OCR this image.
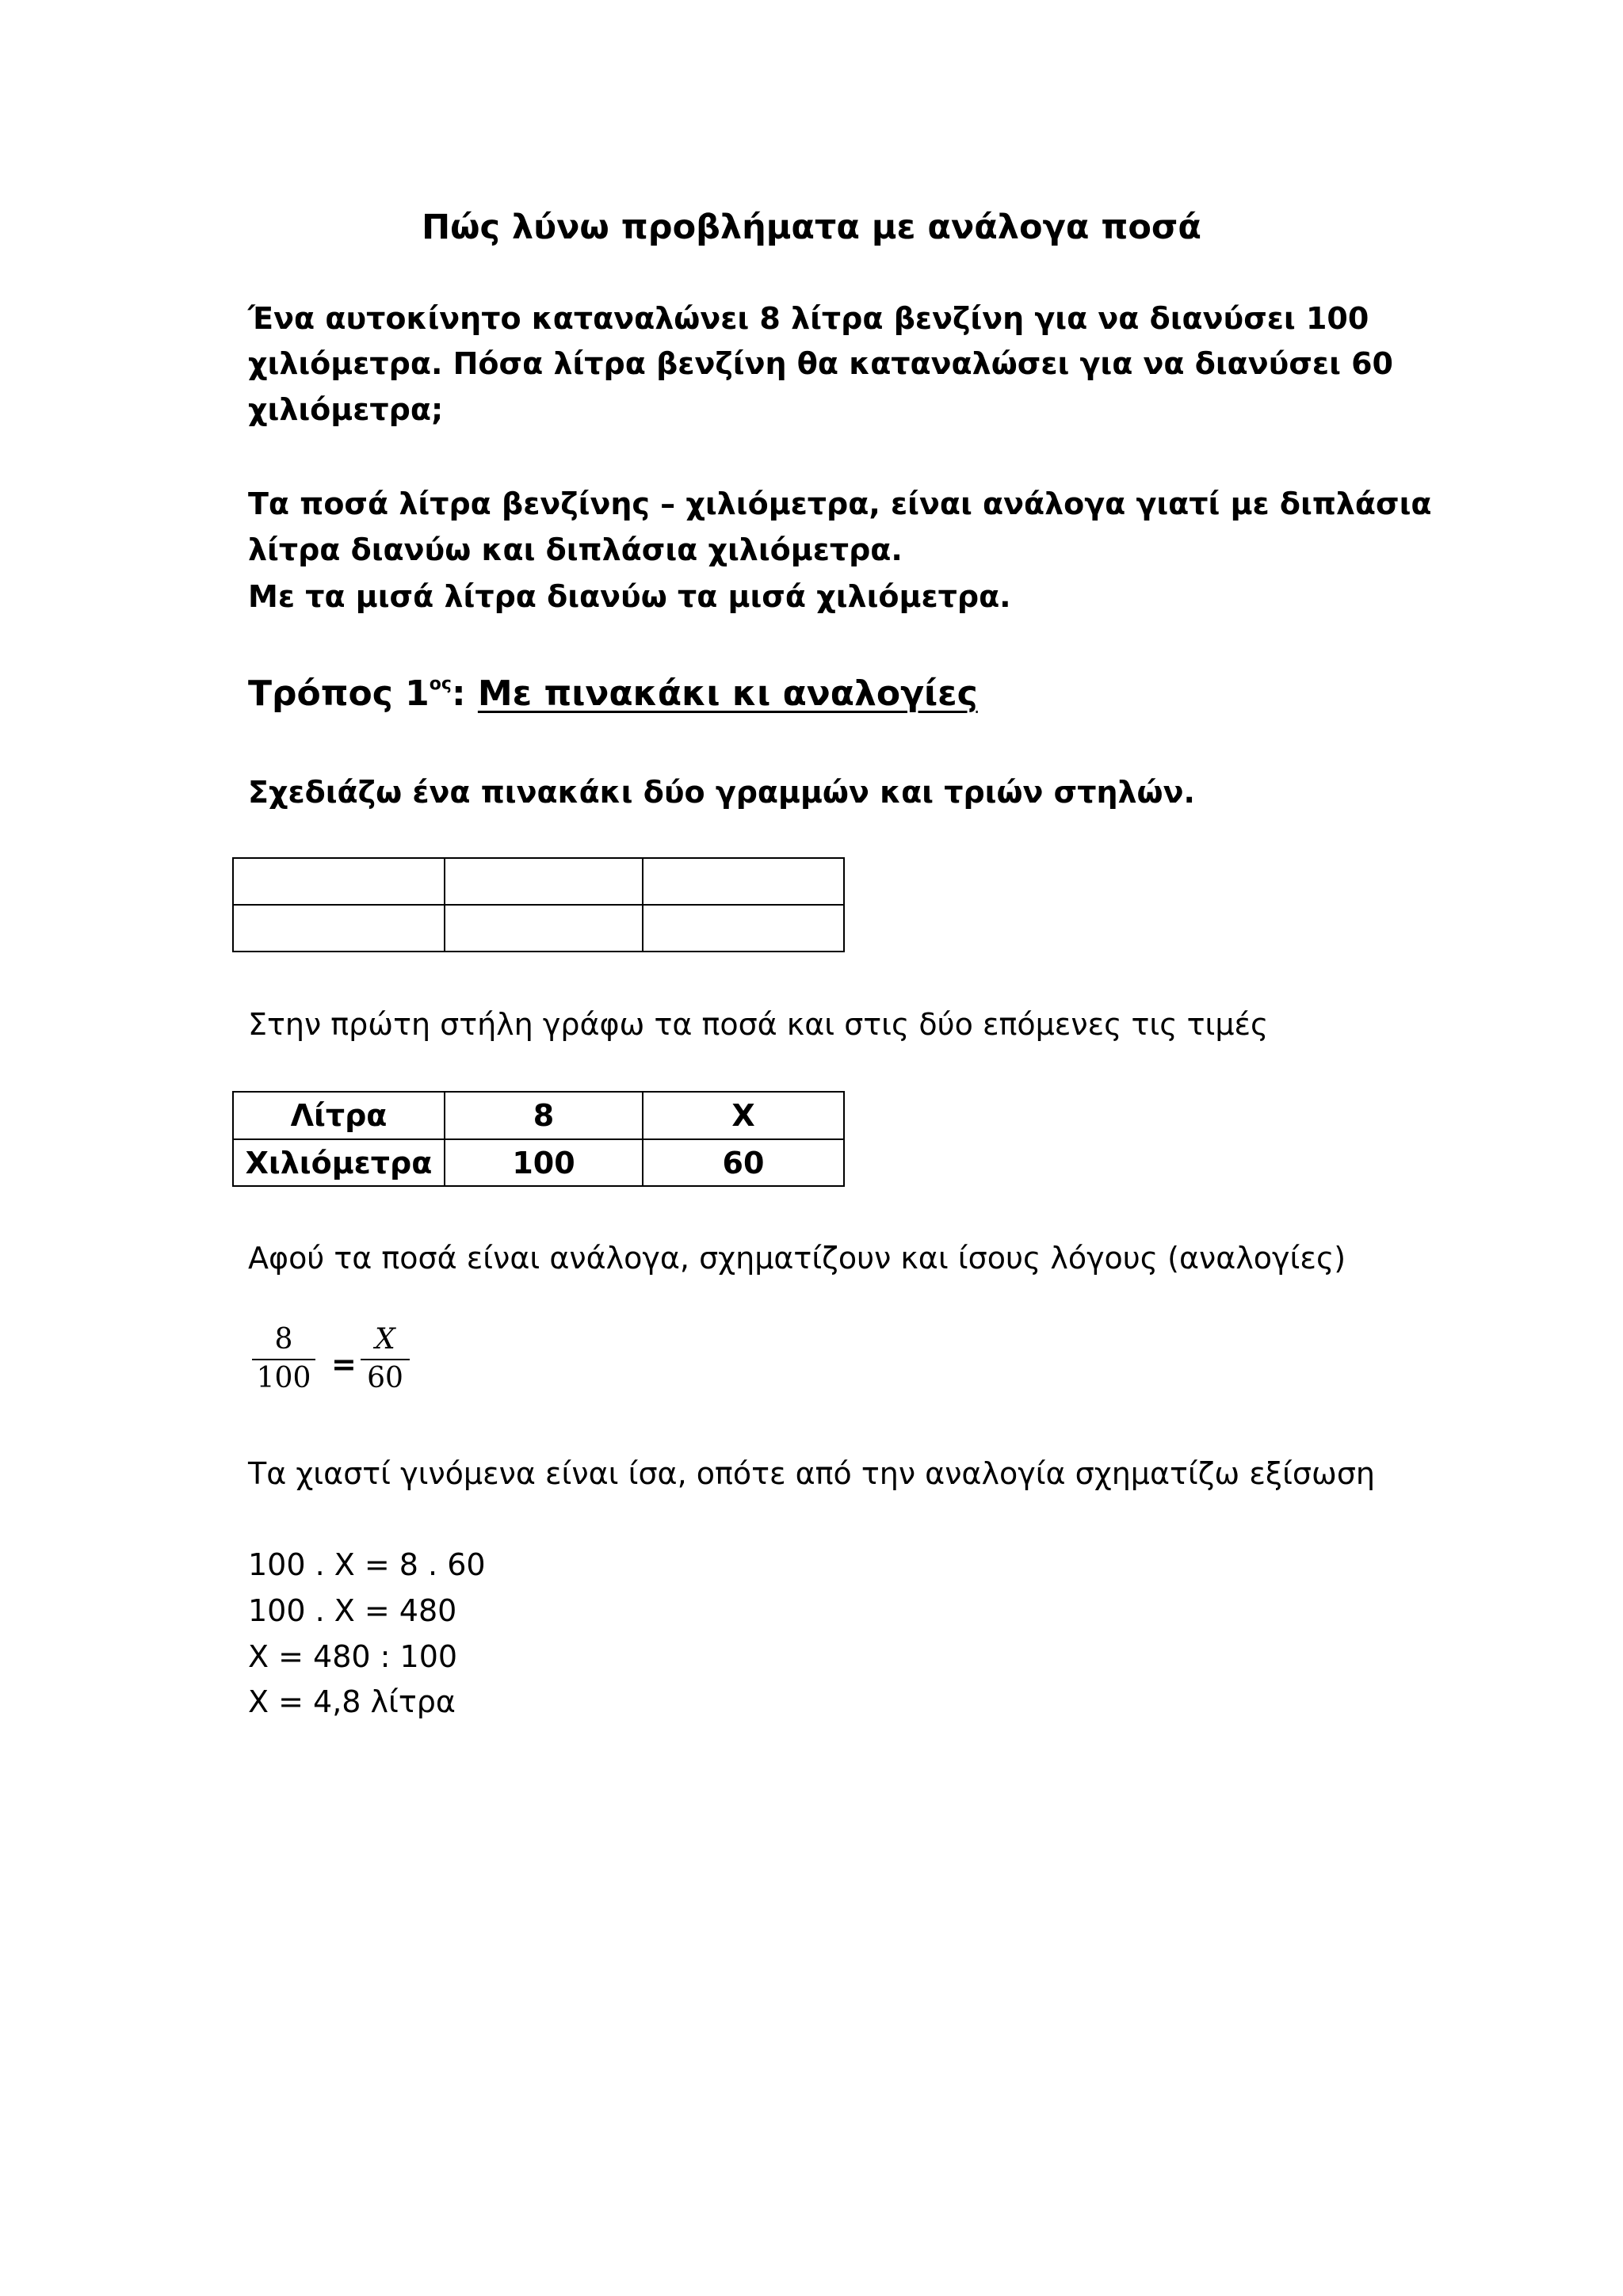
Πώς λύνω προβλήματα με ανάλογα ποσά
Ένα αυτοκίνητο καταναλώνει 8 λίτρα βενζίνη για να διανύσει 100
χιλιόμετρα. Πόσα λίτρα βενζίνη θα καταναλώσει για να διανύσει 60
χιλιόμετρα;
Τα ποσά λίτρα βενζίνης – χιλιόμετρα, είναι ανάλογα γιατί με διπλάσια
λίτρα διανύω και διπλάσια χιλιόμετρα.
Με τα μισά λίτρα διανύω τα μισά χιλιόμετρα.
Τρόπος $1^{o\varsigma}$: Με πινακάκι κι αναλογίες
Σχεδιάζω ένα πινακάκι δύο γραμμών και τριών στηλών.

Στην πρώτη στήλη γράφω τα ποσά και στις δύο επόμενες τις τιμές
Λίτρα	8	Χ
Χιλιόμετρα	100	60
Αφού τα ποσά είναι ανάλογα, σχηματίζουν και ίσους λόγους (αναλογίες)
8
100 =
X
60
Τα χιαστί γινόμενα είναι ίσα, οπότε από την αναλογία σχηματίζω εξίσωση
100 . Χ = 8 . 60
100 . Χ = 480
Χ = 480 : 100
Χ = 4,8 λίτρα
